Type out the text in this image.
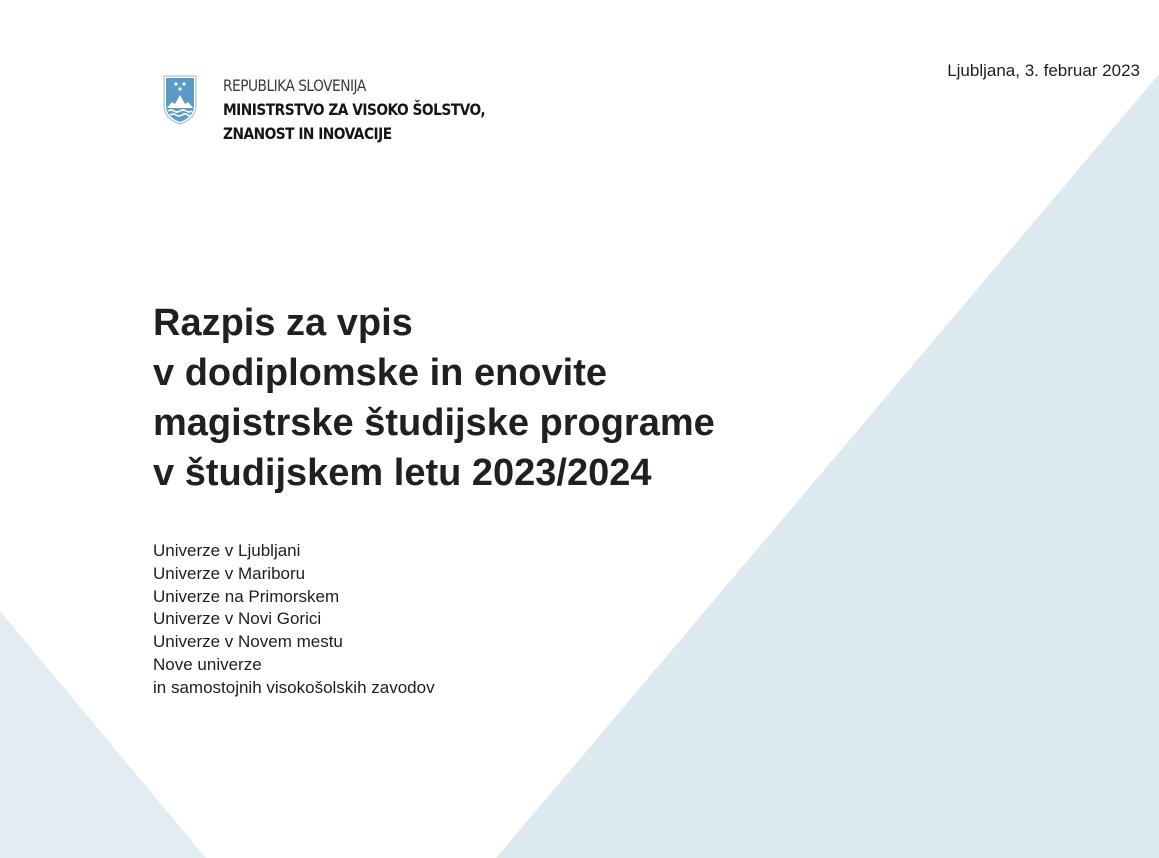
REPUBLIKA SLOVENIJA
MINISTRSTVO ZA VISOKO ŠOLSTVO,
ZNANOST IN INOVACIJE
Ljubljana, 3. februar 2023
Razpis za vpis
v dodiplomske in enovite
magistrske študijske programe
v študijskem letu 2023/2024
Univerze v Ljubljani
Univerze v Mariboru
Univerze na Primorskem
Univerze v Novi Gorici
Univerze v Novem mestu
Nove univerze
in samostojnih visokošolskih zavodov
